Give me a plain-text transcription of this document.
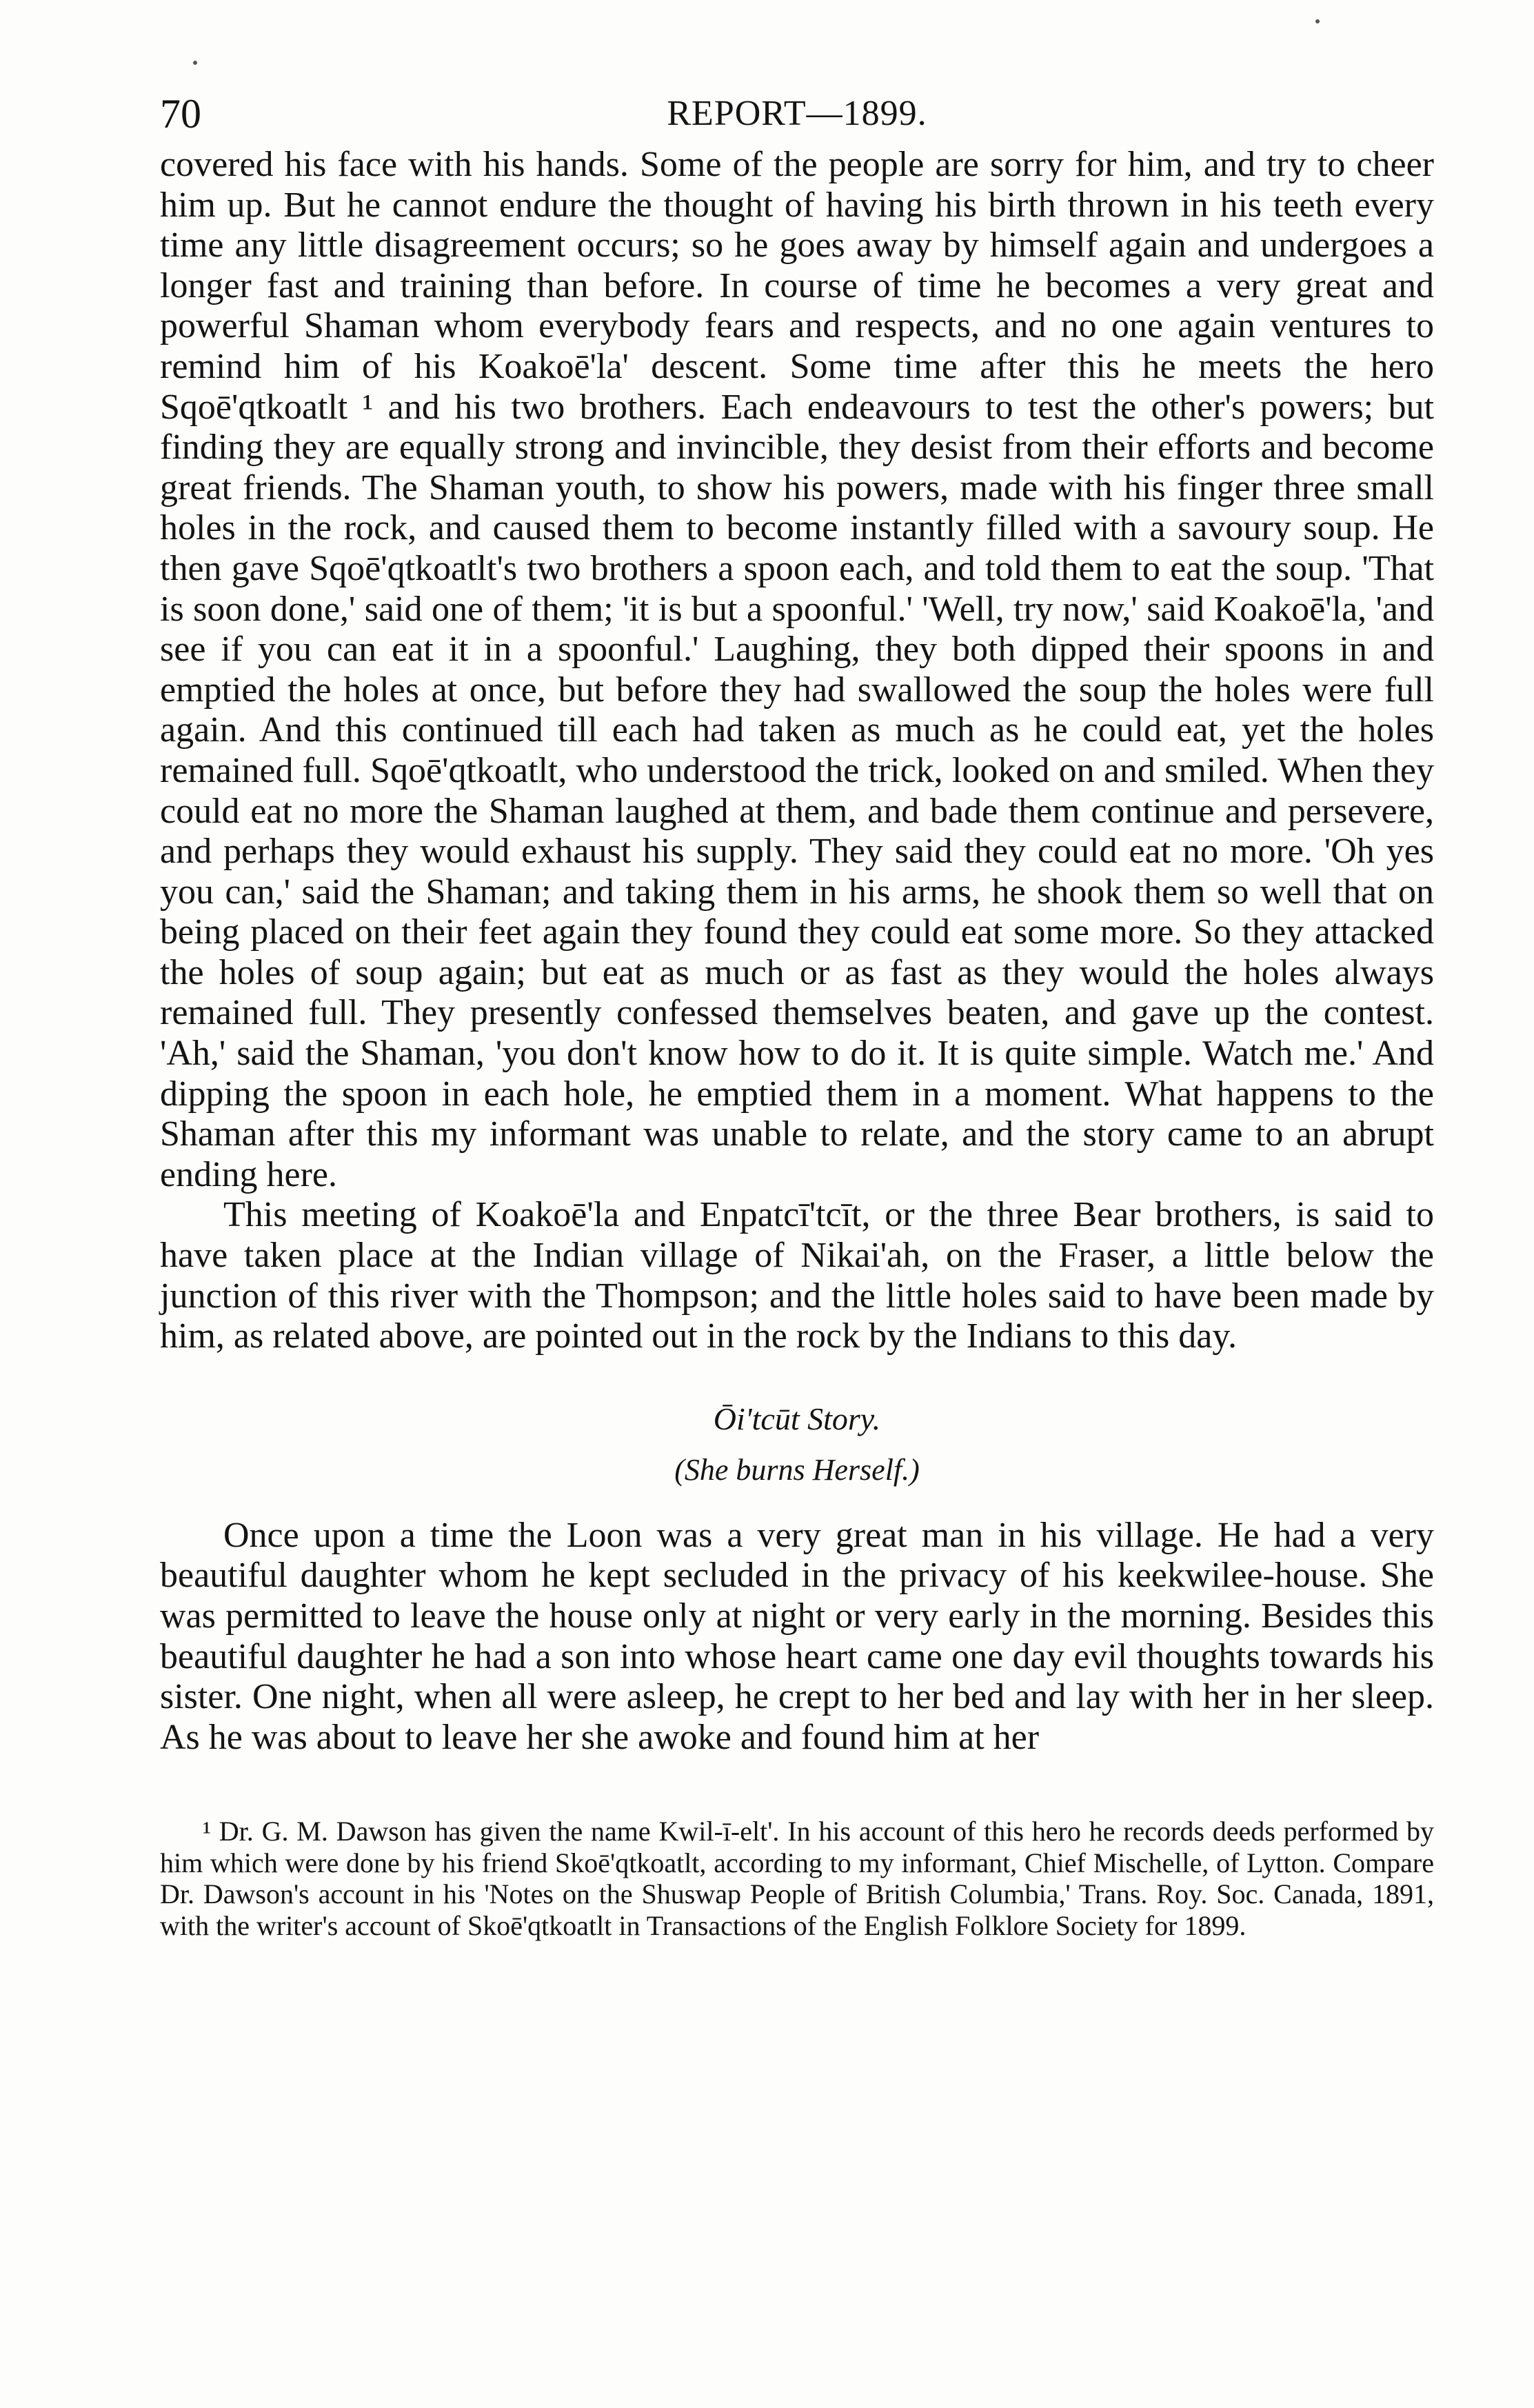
70	REPORT—1899.

covered his face with his hands. Some of the people are sorry for him, and try to cheer him up. But he cannot endure the thought of having his birth thrown in his teeth every time any little disagreement occurs; so he goes away by himself again and undergoes a longer fast and training than before. In course of time he becomes a very great and powerful Shaman whom everybody fears and respects, and no one again ventures to remind him of his Koakoē'la' descent. Some time after this he meets the hero Sqoē'qtkoatlt ¹ and his two brothers. Each endeavours to test the other's powers; but finding they are equally strong and invincible, they desist from their efforts and become great friends. The Shaman youth, to show his powers, made with his finger three small holes in the rock, and caused them to become instantly filled with a savoury soup. He then gave Sqoē'qtkoatlt's two brothers a spoon each, and told them to eat the soup. 'That is soon done,' said one of them; 'it is but a spoonful.' 'Well, try now,' said Koakoē'la, 'and see if you can eat it in a spoonful.' Laughing, they both dipped their spoons in and emptied the holes at once, but before they had swallowed the soup the holes were full again. And this continued till each had taken as much as he could eat, yet the holes remained full. Sqoē'qtkoatlt, who understood the trick, looked on and smiled. When they could eat no more the Shaman laughed at them, and bade them continue and persevere, and perhaps they would exhaust his supply. They said they could eat no more. 'Oh yes you can,' said the Shaman; and taking them in his arms, he shook them so well that on being placed on their feet again they found they could eat some more. So they attacked the holes of soup again; but eat as much or as fast as they would the holes always remained full. They presently confessed themselves beaten, and gave up the contest. 'Ah,' said the Shaman, 'you don't know how to do it. It is quite simple. Watch me.' And dipping the spoon in each hole, he emptied them in a moment. What happens to the Shaman after this my informant was unable to relate, and the story came to an abrupt ending here.

This meeting of Koakoē'la and Enpatcī'tcīt, or the three Bear brothers, is said to have taken place at the Indian village of Nikai'ah, on the Fraser, a little below the junction of this river with the Thompson; and the little holes said to have been made by him, as related above, are pointed out in the rock by the Indians to this day.

Ōi'tcūt Story.
(She burns Herself.)

Once upon a time the Loon was a very great man in his village. He had a very beautiful daughter whom he kept secluded in the privacy of his keekwilee-house. She was permitted to leave the house only at night or very early in the morning. Besides this beautiful daughter he had a son into whose heart came one day evil thoughts towards his sister. One night, when all were asleep, he crept to her bed and lay with her in her sleep. As he was about to leave her she awoke and found him at her

¹ Dr. G. M. Dawson has given the name Kwil-ī-elt'. In his account of this hero he records deeds performed by him which were done by his friend Skoē'qtkoatlt, according to my informant, Chief Mischelle, of Lytton. Compare Dr. Dawson's account in his 'Notes on the Shuswap People of British Columbia,' Trans. Roy. Soc. Canada, 1891, with the writer's account of Skoē'qtkoatlt in Transactions of the English Folklore Society for 1899.
